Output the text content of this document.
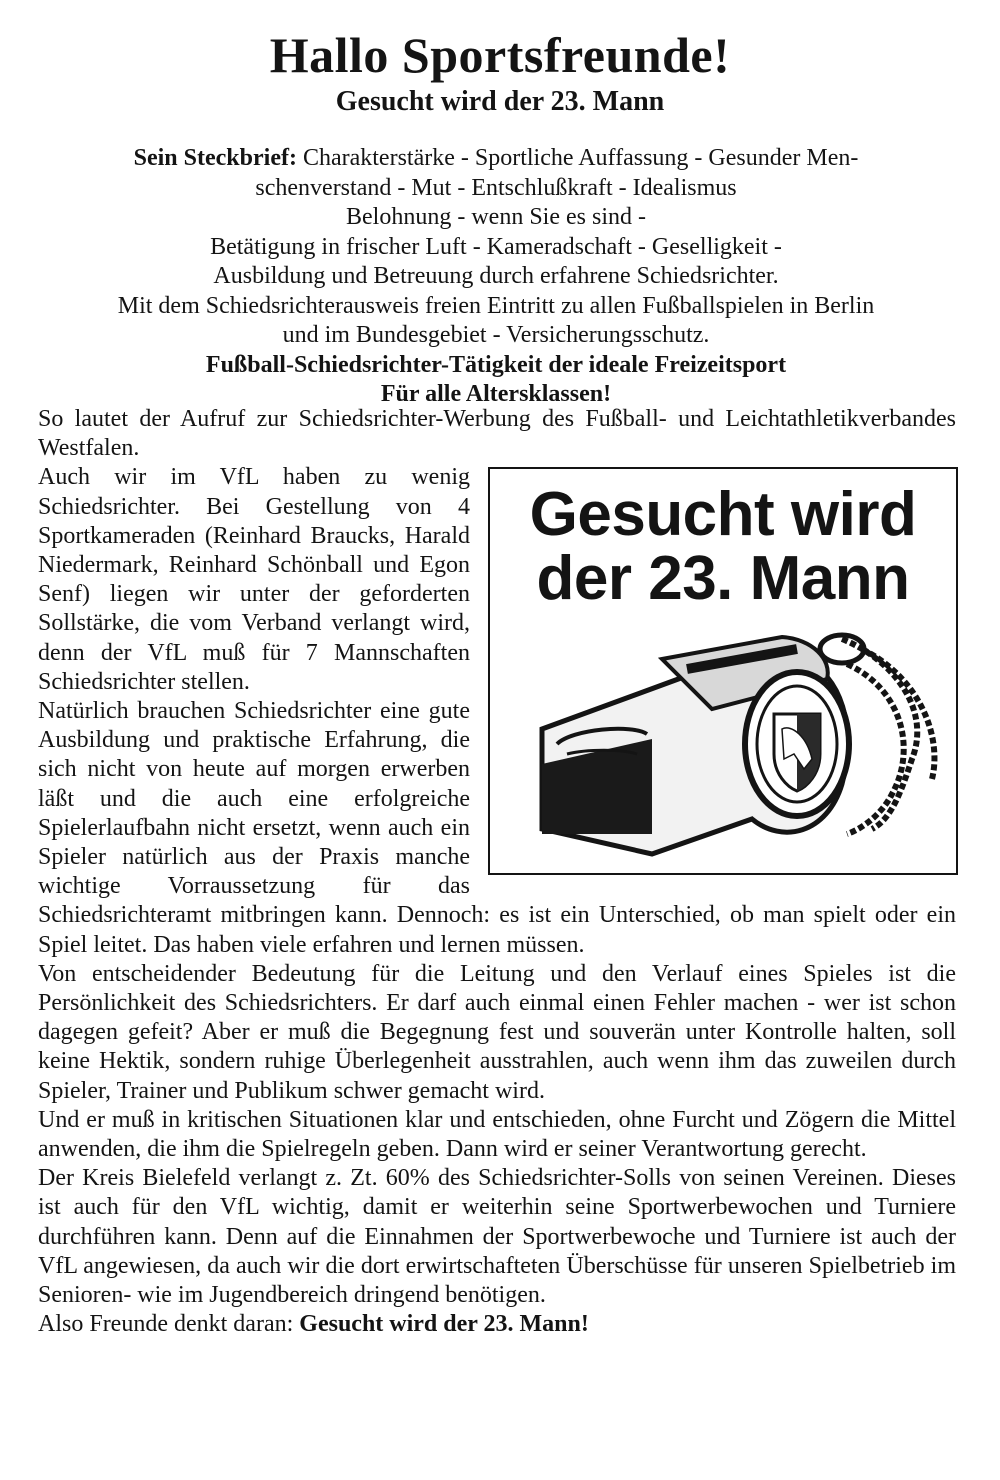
Hallo Sportsfreunde!
Gesucht wird der 23. Mann
Sein Steckbrief: Charakterstärke - Sportliche Auffassung - Gesunder Men-
schenverstand - Mut - Entschlußkraft - Idealismus
Belohnung - wenn Sie es sind -
Betätigung in frischer Luft - Kameradschaft - Geselligkeit -
Ausbildung und Betreuung durch erfahrene Schiedsrichter.
Mit dem Schiedsrichterausweis freien Eintritt zu allen Fußballspielen in Berlin
und im Bundesgebiet - Versicherungsschutz.
Fußball-Schiedsrichter-Tätigkeit der ideale Freizeitsport
Für alle Altersklassen!

So lautet der Aufruf zur Schiedsrichter-Werbung des Fußball- und Leichtathletikverbandes Westfalen.

Gesucht wird
der 23. Mann

Auch wir im VfL haben zu wenig Schiedsrichter. Bei Gestellung von 4 Sportkameraden (Reinhard Braucks, Harald Niedermark, Reinhard Schönball und Egon Senf) liegen wir unter der geforderten Sollstärke, die vom Verband verlangt wird, denn der VfL muß für 7 Mannschaften Schiedsrichter stellen.

Natürlich brauchen Schiedsrichter eine gute Ausbildung und praktische Erfahrung, die sich nicht von heute auf morgen erwerben läßt und die auch eine erfolgreiche Spielerlaufbahn nicht ersetzt, wenn auch ein Spieler natürlich aus der Praxis manche wichtige Vorraussetzung für das Schiedsrichteramt mitbringen kann. Dennoch: es ist ein Unterschied, ob man spielt oder ein Spiel leitet. Das haben viele erfahren und lernen müssen.

Von entscheidender Bedeutung für die Leitung und den Verlauf eines Spieles ist die Persönlichkeit des Schiedsrichters. Er darf auch einmal einen Fehler machen - wer ist schon dagegen gefeit? Aber er muß die Begegnung fest und souverän unter Kontrolle halten, soll keine Hektik, sondern ruhige Überlegenheit ausstrahlen, auch wenn ihm das zuweilen durch Spieler, Trainer und Publikum schwer gemacht wird.

Und er muß in kritischen Situationen klar und entschieden, ohne Furcht und Zögern die Mittel anwenden, die ihm die Spielregeln geben. Dann wird er seiner Verantwortung gerecht.

Der Kreis Bielefeld verlangt z. Zt. 60% des Schiedsrichter-Solls von seinen Vereinen. Dieses ist auch für den VfL wichtig, damit er weiterhin seine Sportwerbewochen und Turniere durchführen kann. Denn auf die Einnahmen der Sportwerbewoche und Turniere ist auch der VfL angewiesen, da auch wir die dort erwirtschafteten Überschüsse für unseren Spielbetrieb im Senioren- wie im Jugendbereich dringend benötigen.

Also Freunde denkt daran: Gesucht wird der 23. Mann!
